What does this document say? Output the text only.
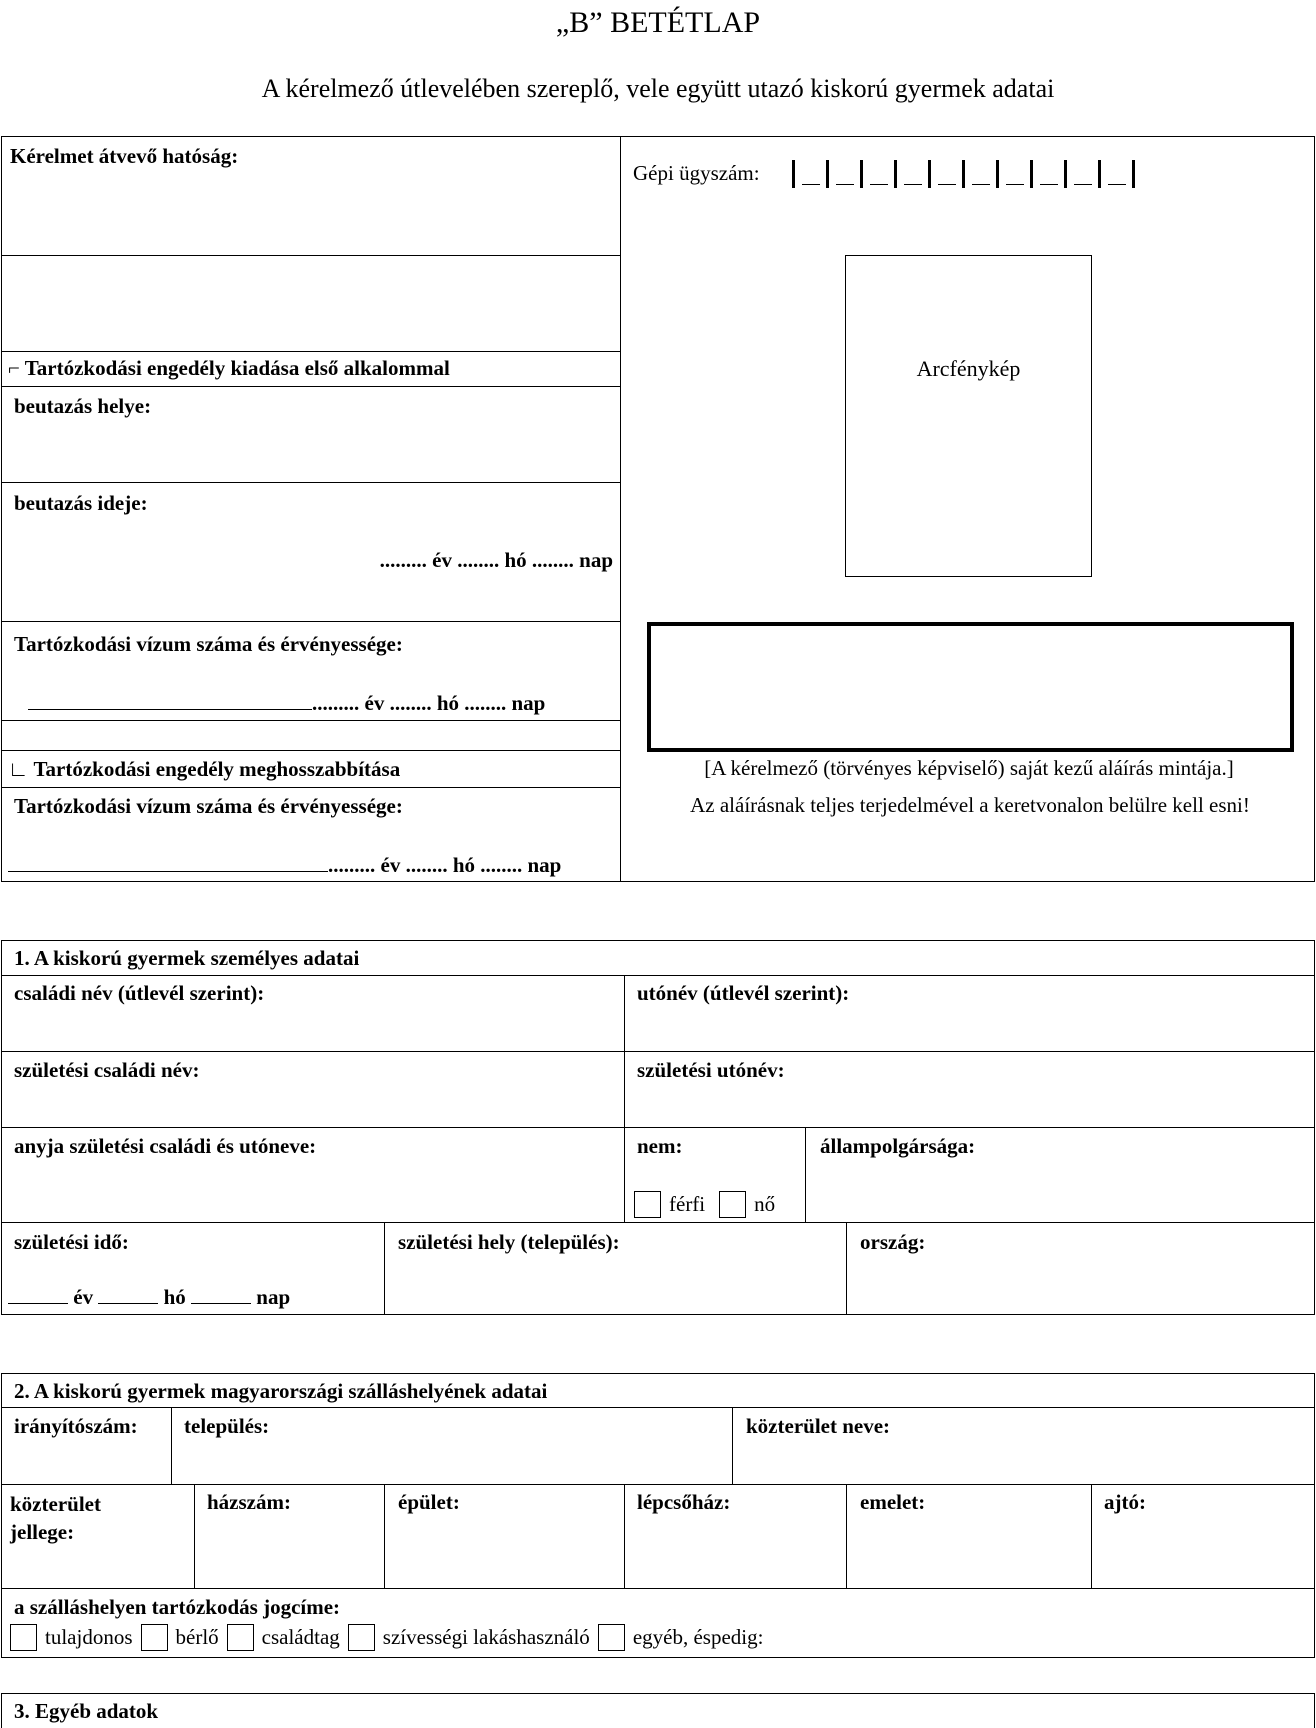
„B” BETÉTLAP
A kérelmező útlevelében szereplő, vele együtt utazó kiskorú gyermek adatai
Kérelmet átvevő hatóság:
⌐ Tartózkodási engedély kiadása első alkalommal
beutazás helye:
beutazás ideje:
......... év ........ hó ........ nap
Tartózkodási vízum száma és érvényessége:
......... év ........ hó ........ nap
∟ Tartózkodási engedély meghosszabbítása
Tartózkodási vízum száma és érvényessége:
......... év ........ hó ........ nap
Gépi ügyszám:
Arcfénykép
[A kérelmező (törvényes képviselő) saját kezű aláírás mintája.]
Az aláírásnak teljes terjedelmével a keretvonalon belülre kell esni!
1. A kiskorú gyermek személyes adatai
családi név (útlevél szerint):	utónév (útlevél szerint):
születési családi név:	születési utónév:
anyja születési családi és utóneve:	nem:
férfi nő
állampolgársága:
születési idő:
év	hó	nap
születési hely (település):	ország:
2. A kiskorú gyermek magyarországi szálláshelyének adatai
irányítószám: település:	közterület neve:
közterület jellege:
házszám:	épület:	lépcsőház:	emelet:	ajtó:
a szálláshelyen tartózkodás jogcíme:
tulajdonos bérlő családtag szívességi lakáshasználó egyéb, éspedig:
3. Egyéb adatok
